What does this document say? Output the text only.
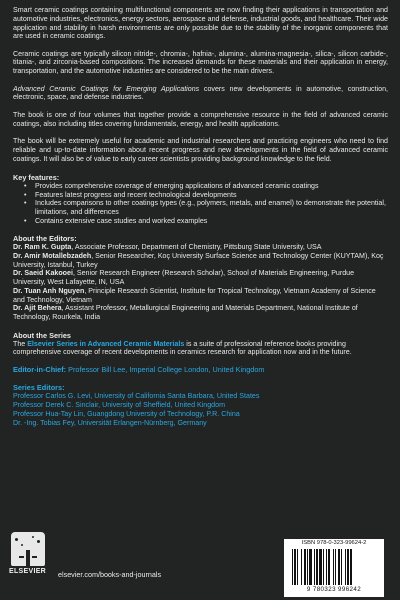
Smart ceramic coatings containing multifunctional components are now finding their applications in transportation and automotive industries, electronics, energy sectors, aerospace and defense, industrial goods, and healthcare. Their wide application and stability in harsh environments are only possible due to the stability of the inorganic components that are used in ceramic coatings.

Ceramic coatings are typically silicon nitride-, chromia-, hafnia-, alumina-, alumina-magnesia-, silica-, silicon carbide-, titania-, and zirconia-based compositions. The increased demands for these materials and their application in energy, transportation, and the automotive industries are considered to be the main drivers.

Advanced Ceramic Coatings for Emerging Applications covers new developments in automotive, construction, electronic, space, and defense industries.

The book is one of four volumes that together provide a comprehensive resource in the field of advanced ceramic coatings, also including titles covering fundamentals, energy, and health applications.

The book will be extremely useful for academic and industrial researchers and practicing engineers who need to find reliable and up-to-date information about recent progress and new developments in the field of advanced ceramic coatings. It will also be of value to early career scientists providing background knowledge to the field.

Key features:
• Provides comprehensive coverage of emerging applications of advanced ceramic coatings
• Features latest progress and recent technological developments
• Includes comparisons to other coatings types (e.g., polymers, metals, and enamel) to demonstrate the potential, limitations, and differences
• Contains extensive case studies and worked examples
About the Editors:

Dr. Ram K. Gupta, Associate Professor, Department of Chemistry, Pittsburg State University, USA

Dr. Amir Motallebzadeh, Senior Researcher, Koç University Surface Science and Technology Center (KUYTAM), Koç University, Istanbul, Turkey

Dr. Saeid Kakooei, Senior Research Engineer (Research Scholar), School of Materials Engineering, Purdue University, West Lafayette, IN, USA

Dr. Tuan Anh Nguyen, Principle Research Scientist, Institute for Tropical Technology, Vietnam Academy of Science and Technology, Vietnam

Dr. Ajit Behera, Assistant Professor, Metallurgical Engineering and Materials Department, National Institute of Technology, Rourkela, India

About the Series

The Elsevier Series in Advanced Ceramic Materials is a suite of professional reference books providing comprehensive coverage of recent developments in ceramics research for application now and in the future.

Editor-in-Chief: Professor Bill Lee, Imperial College London, United Kingdom

Series Editors:

Professor Carlos G. Levi, University of California Santa Barbara, United States

Professor Derek C. Sinclair, University of Sheffield, United Kingdom

Professor Hua-Tay Lin, Guangdong University of Technology, P.R. China

Dr. -Ing. Tobias Fey, Universität Erlangen-Nürnberg, Germany

ELSEVIER elsevier.com/books-and-journals
ISBN 978-0-323-99624-2
9 780323 996242
